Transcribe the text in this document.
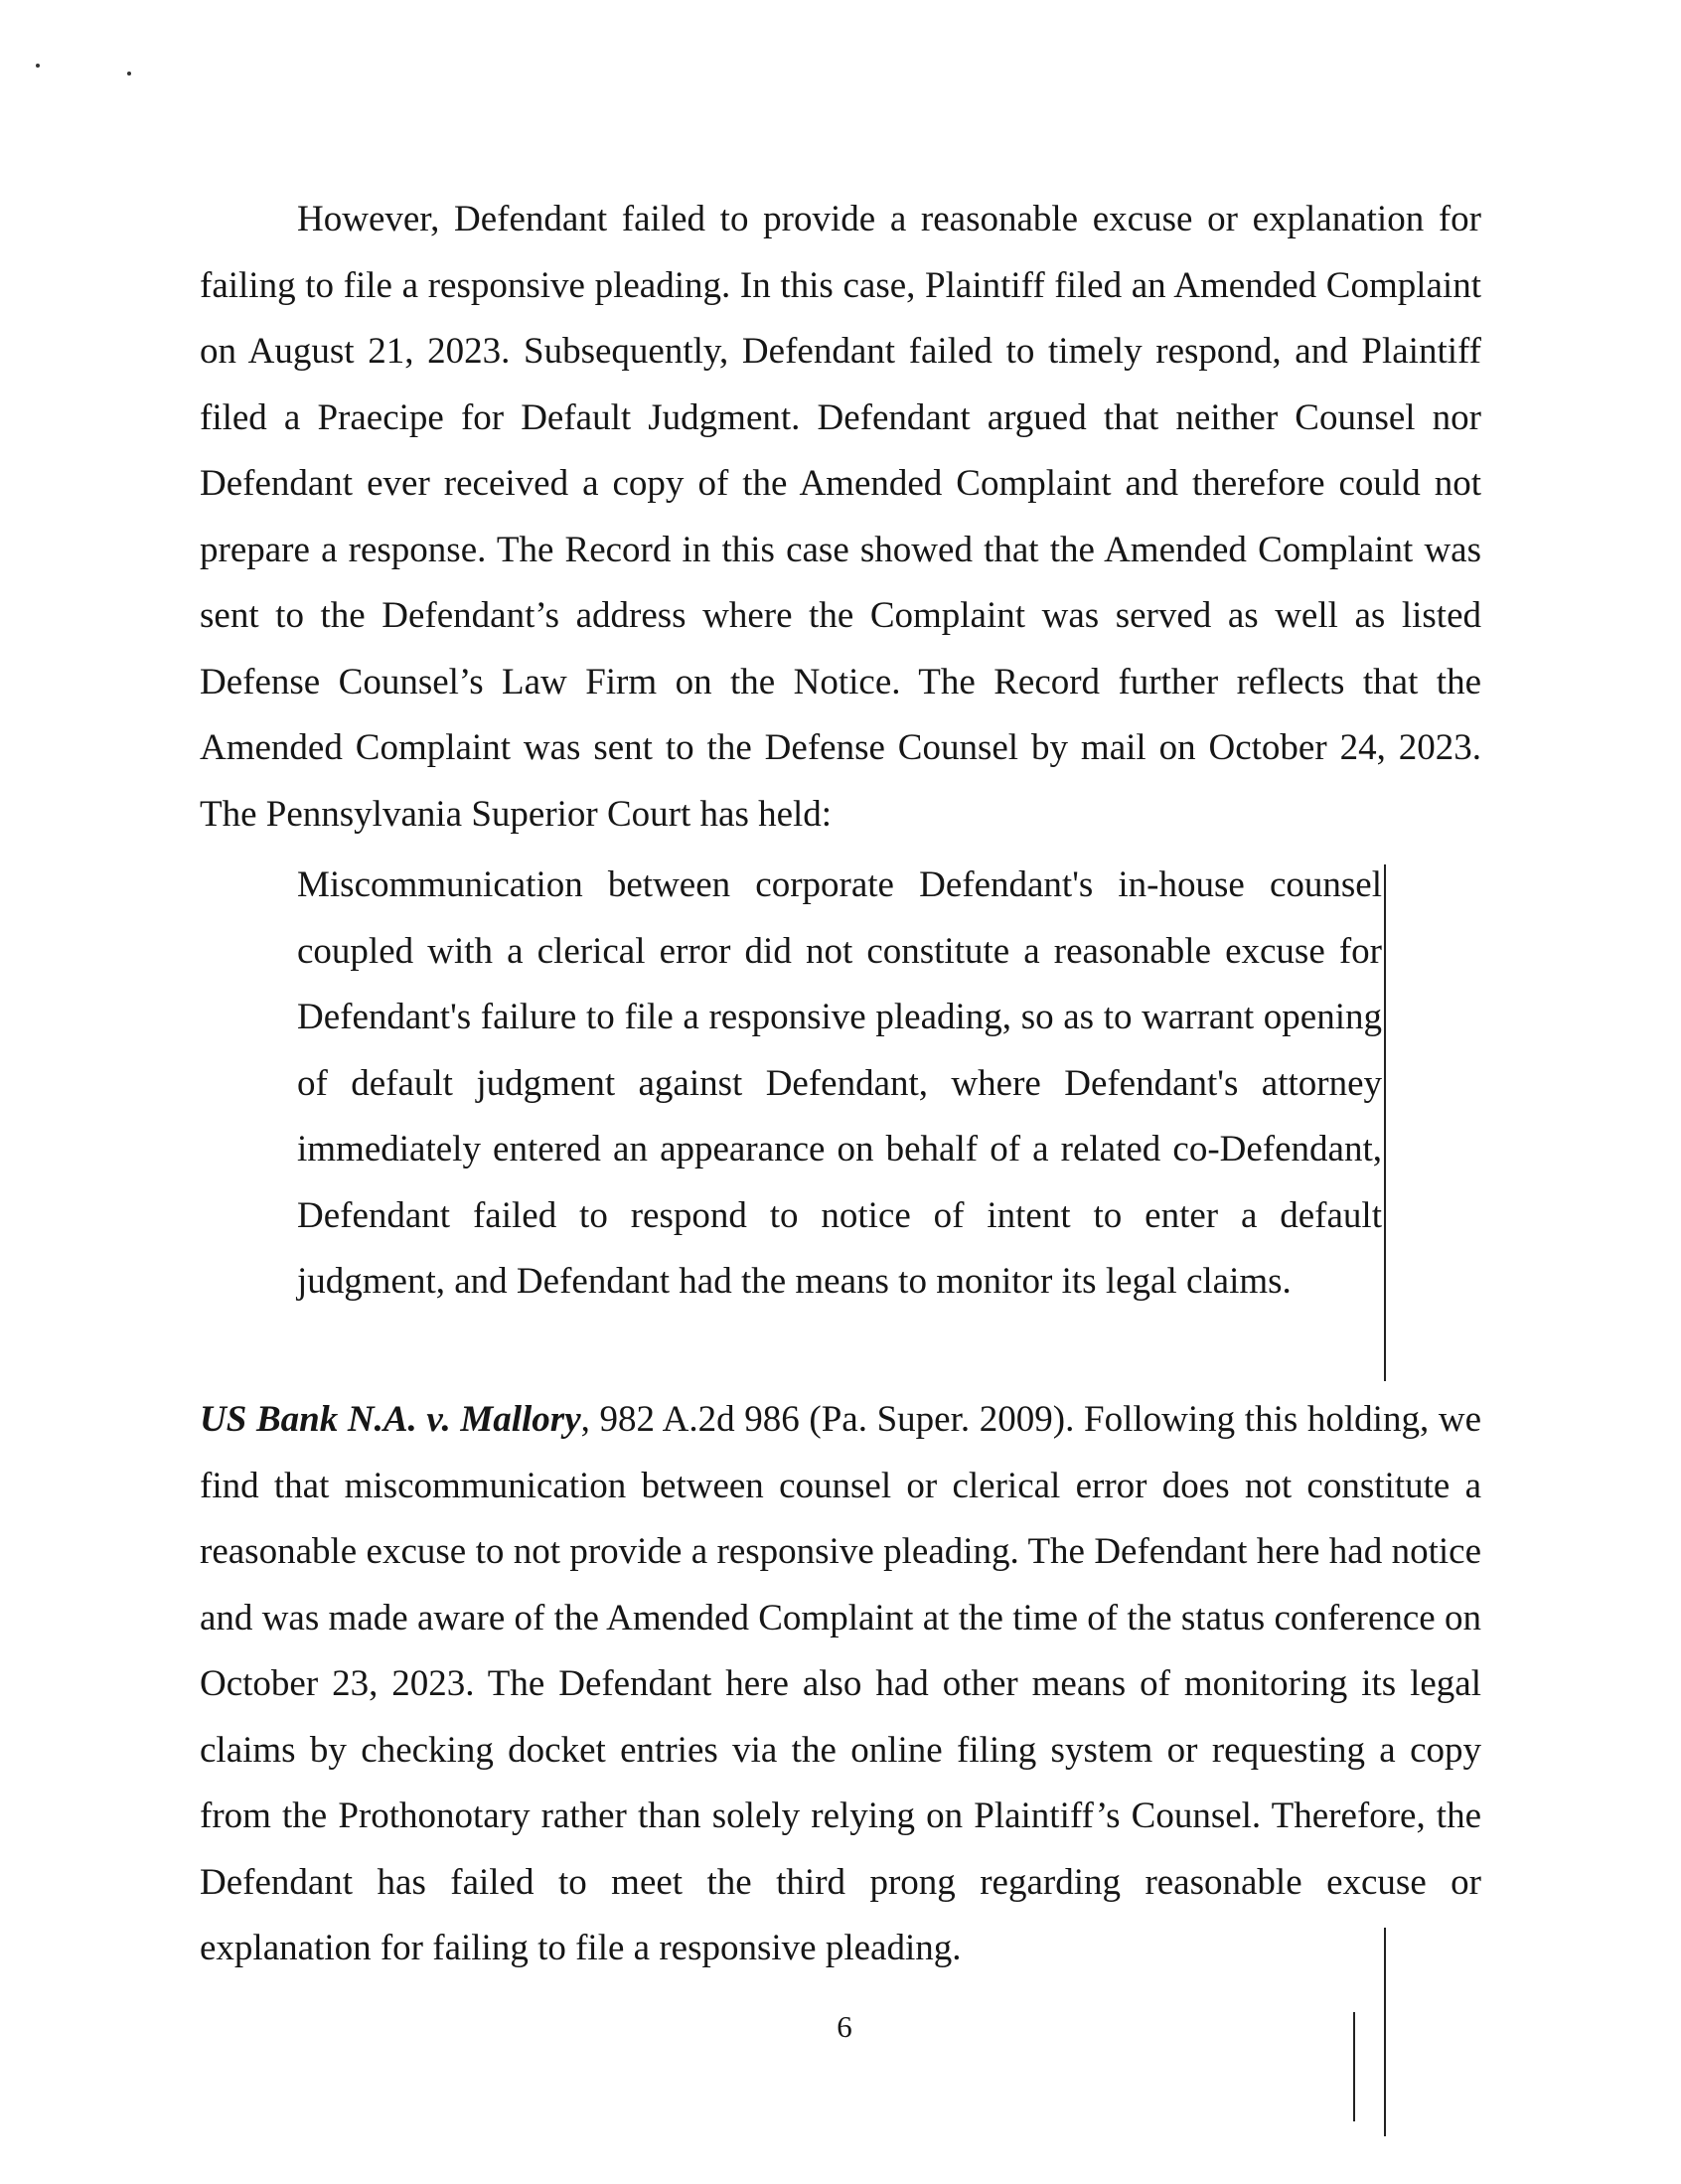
However, Defendant failed to provide a reasonable excuse or explanation for failing to file a responsive pleading. In this case, Plaintiff filed an Amended Complaint on August 21, 2023. Subsequently, Defendant failed to timely respond, and Plaintiff filed a Praecipe for Default Judgment. Defendant argued that neither Counsel nor Defendant ever received a copy of the Amended Complaint and therefore could not prepare a response. The Record in this case showed that the Amended Complaint was sent to the Defendant’s address where the Complaint was served as well as listed Defense Counsel’s Law Firm on the Notice. The Record further reflects that the Amended Complaint was sent to the Defense Counsel by mail on October 24, 2023. The Pennsylvania Superior Court has held:

Miscommunication between corporate Defendant's in-house counsel coupled with a clerical error did not constitute a reasonable excuse for Defendant's failure to file a responsive pleading, so as to warrant opening of default judgment against Defendant, where Defendant's attorney immediately entered an appearance on behalf of a related co-Defendant, Defendant failed to respond to notice of intent to enter a default judgment, and Defendant had the means to monitor its legal claims.

US Bank N.A. v. Mallory, 982 A.2d 986 (Pa. Super. 2009). Following this holding, we find that miscommunication between counsel or clerical error does not constitute a reasonable excuse to not provide a responsive pleading. The Defendant here had notice and was made aware of the Amended Complaint at the time of the status conference on October 23, 2023. The Defendant here also had other means of monitoring its legal claims by checking docket entries via the online filing system or requesting a copy from the Prothonotary rather than solely relying on Plaintiff’s Counsel. Therefore, the Defendant has failed to meet the third prong regarding reasonable excuse or explanation for failing to file a responsive pleading.

6
